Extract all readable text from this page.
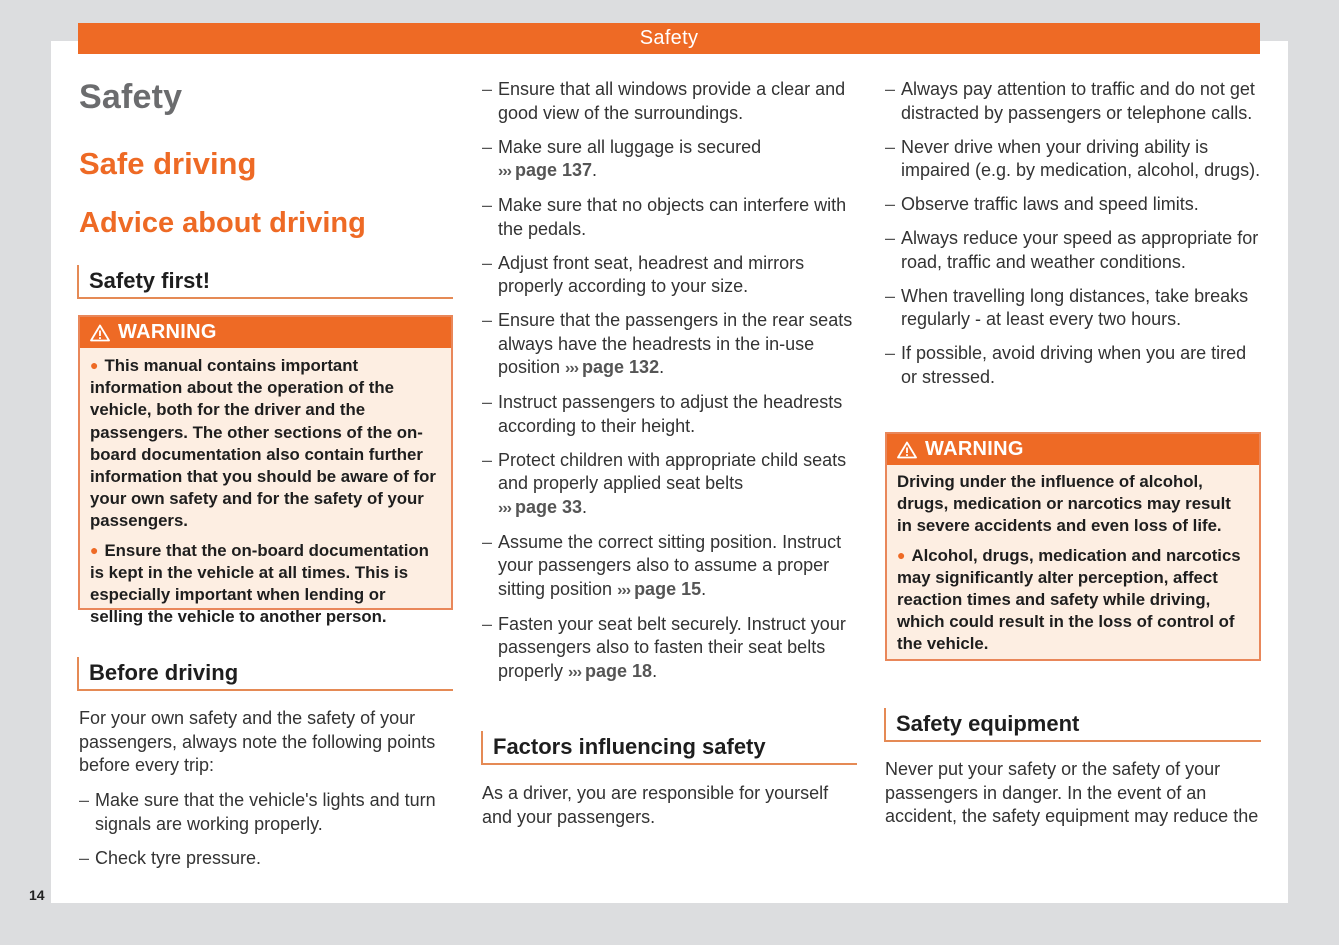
Safety
14
Safety
Safe driving
Advice about driving
Safety first!
WARNING

● This manual contains important information about the operation of the vehicle, both for the driver and the passengers. The other sections of the on-board documentation also contain further information that you should be aware of for your own safety and for the safety of your passengers.

● Ensure that the on-board documentation is kept in the vehicle at all times. This is especially important when lending or selling the vehicle to another person.

Before driving

For your own safety and the safety of your passengers, always note the following points before every trip:

– Make sure that the vehicle's lights and turn signals are working properly.
– Check tyre pressure.
– Ensure that all windows provide a clear and good view of the surroundings.
– Make sure all luggage is secured
››› page 137.
– Make sure that no objects can interfere with the pedals.
– Adjust front seat, headrest and mirrors properly according to your size.
– Ensure that the passengers in the rear seats always have the headrests in the in-use position ››› page 132.
– Instruct passengers to adjust the headrests according to their height.
– Protect children with appropriate child seats and properly applied seat belts
››› page 33.
– Assume the correct sitting position. Instruct your passengers also to assume a proper sitting position ››› page 15.
– Fasten your seat belt securely. Instruct your passengers also to fasten their seat belts properly ››› page 18.
Factors influencing safety

As a driver, you are responsible for yourself and your passengers.

– Always pay attention to traffic and do not get distracted by passengers or telephone calls.
– Never drive when your driving ability is impaired (e.g. by medication, alcohol, drugs).
– Observe traffic laws and speed limits.
– Always reduce your speed as appropriate for road, traffic and weather conditions.
– When travelling long distances, take breaks regularly - at least every two hours.
– If possible, avoid driving when you are tired or stressed.
WARNING

Driving under the influence of alcohol, drugs, medication or narcotics may result in severe accidents and even loss of life.

● Alcohol, drugs, medication and narcotics may significantly alter perception, affect reaction times and safety while driving, which could result in the loss of control of the vehicle.

Safety equipment

Never put your safety or the safety of your passengers in danger. In the event of an accident, the safety equipment may reduce the
